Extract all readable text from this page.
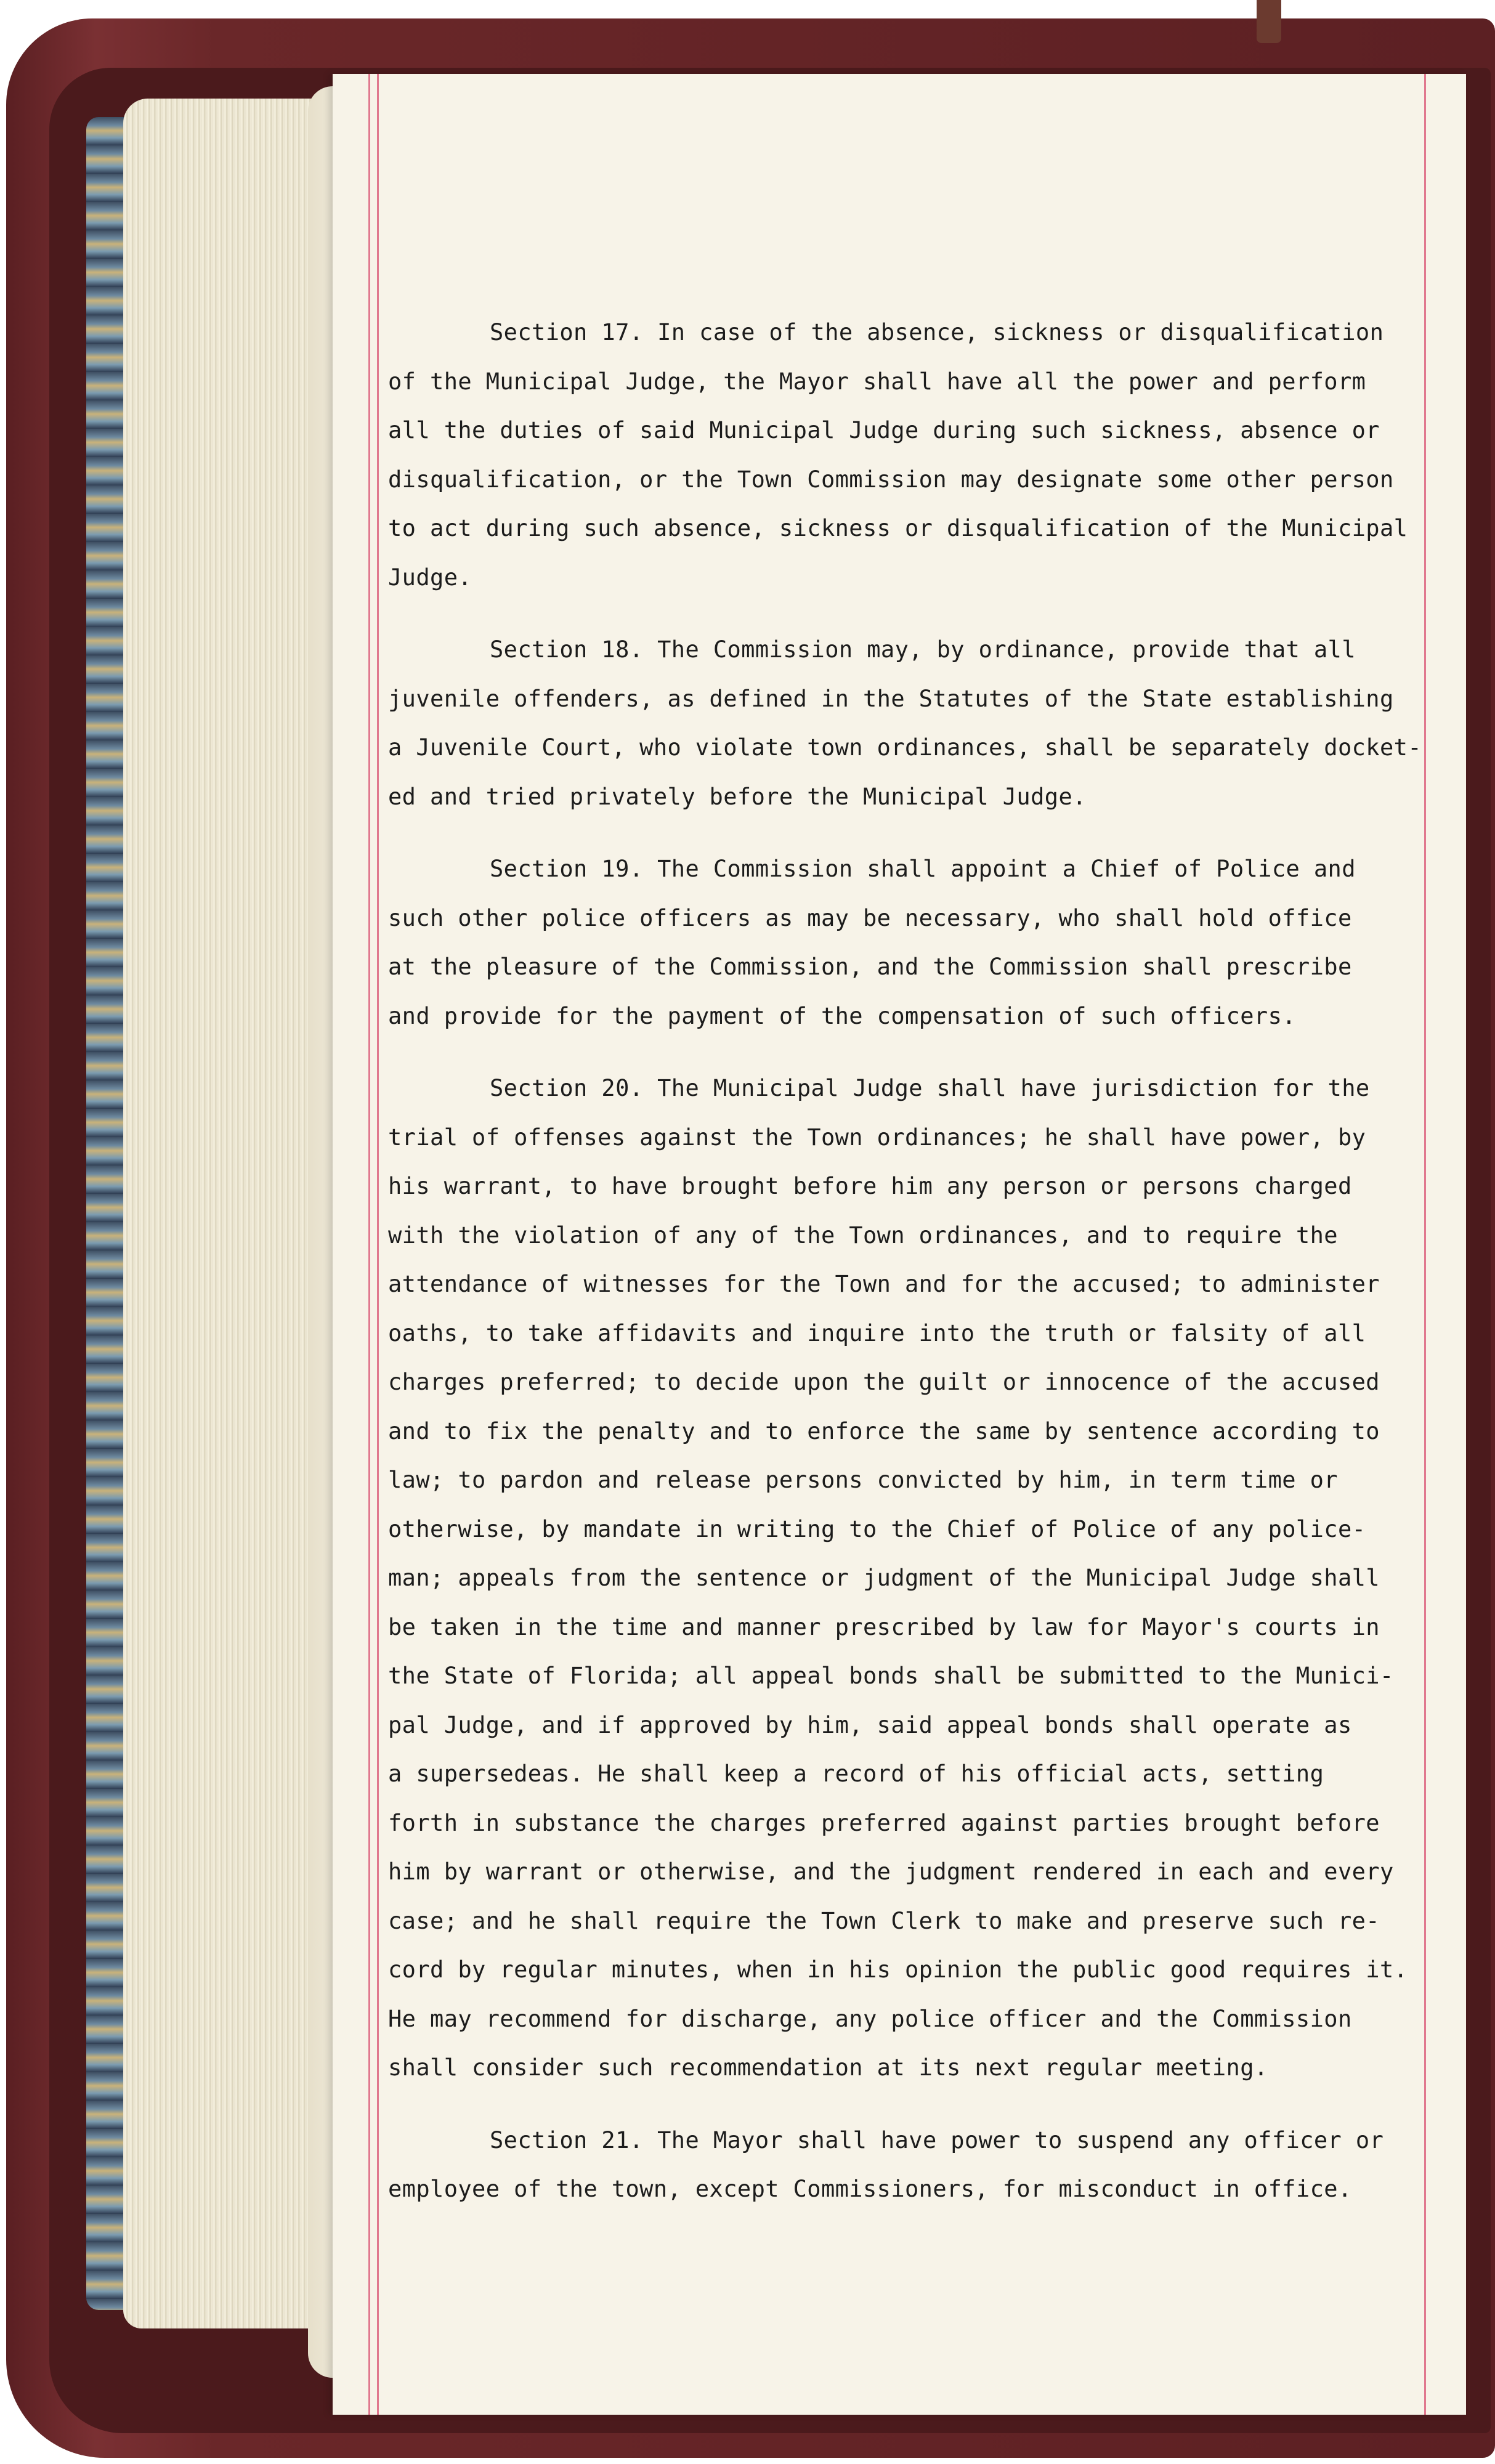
Section 17. In case of the absence, sickness or disqualification
of the Municipal Judge, the Mayor shall have all the power and perform
all the duties of said Municipal Judge during such sickness, absence or
disqualification, or the Town Commission may designate some other person
to act during such absence, sickness or disqualification of the Municipal
Judge.
Section 18. The Commission may, by ordinance, provide that all
juvenile offenders, as defined in the Statutes of the State establishing
a Juvenile Court, who violate town ordinances, shall be separately docket-
ed and tried privately before the Municipal Judge.
Section 19. The Commission shall appoint a Chief of Police and
such other police officers as may be necessary, who shall hold office
at the pleasure of the Commission, and the Commission shall prescribe
and provide for the payment of the compensation of such officers.
Section 20. The Municipal Judge shall have jurisdiction for the
trial of offenses against the Town ordinances; he shall have power, by
his warrant, to have brought before him any person or persons charged
with the violation of any of the Town ordinances, and to require the
attendance of witnesses for the Town and for the accused; to administer
oaths, to take affidavits and inquire into the truth or falsity of all
charges preferred; to decide upon the guilt or innocence of the accused
and to fix the penalty and to enforce the same by sentence according to
law; to pardon and release persons convicted by him, in term time or
otherwise, by mandate in writing to the Chief of Police of any police-
man; appeals from the sentence or judgment of the Municipal Judge shall
be taken in the time and manner prescribed by law for Mayor's courts in
the State of Florida; all appeal bonds shall be submitted to the Munici-
pal Judge, and if approved by him, said appeal bonds shall operate as
a supersedeas. He shall keep a record of his official acts, setting
forth in substance the charges preferred against parties brought before
him by warrant or otherwise, and the judgment rendered in each and every
case; and he shall require the Town Clerk to make and preserve such re-
cord by regular minutes, when in his opinion the public good requires it.
He may recommend for discharge, any police officer and the Commission
shall consider such recommendation at its next regular meeting.
Section 21. The Mayor shall have power to suspend any officer or
employee of the town, except Commissioners, for misconduct in office.
